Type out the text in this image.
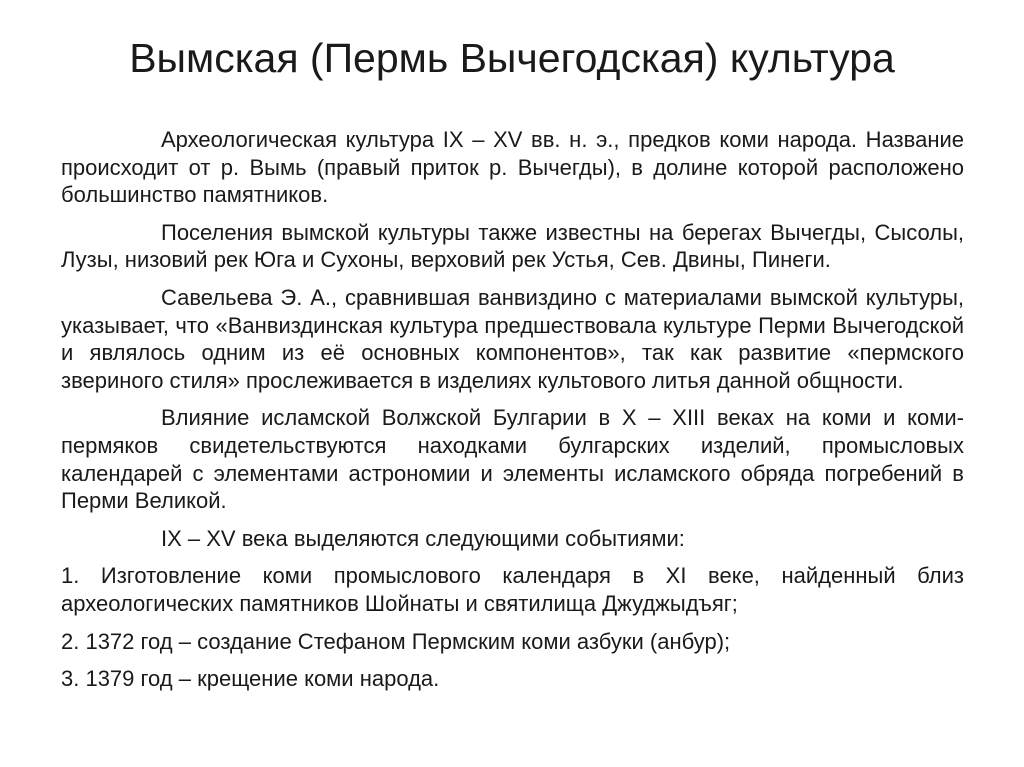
Вымская (Пермь Вычегодская) культура

Археологическая культура IX – XV вв. н. э., предков коми народа. Название происходит от р. Вымь (правый приток р. Вычегды), в долине которой расположено большинство памятников.

Поселения вымской культуры также известны на берегах Вычегды, Сысолы, Лузы, низовий рек Юга и Сухоны, верховий рек Устья, Сев. Двины, Пинеги.

Савельева Э. А., сравнившая ванвиздино с материалами вымской культуры, указывает, что «Ванвиздинская культура предшествовала культуре Перми Вычегодской и являлось одним из её основных компонентов», так как развитие «пермского звериного стиля» прослеживается в изделиях культового литья данной общности.

Влияние исламской Волжской Булгарии в X – XIII веках на коми и коми-пермяков свидетельствуются находками булгарских изделий, промысловых календарей с элементами астрономии и элементы исламского обряда погребений в Перми Великой.

IX – XV века выделяются следующими событиями:

1. Изготовление коми промыслового календаря в XI веке, найденный близ археологических памятников Шойнаты и святилища Джуджыдъяг;

2. 1372 год – создание Стефаном Пермским коми азбуки (анбур);

3. 1379 год – крещение коми народа.
